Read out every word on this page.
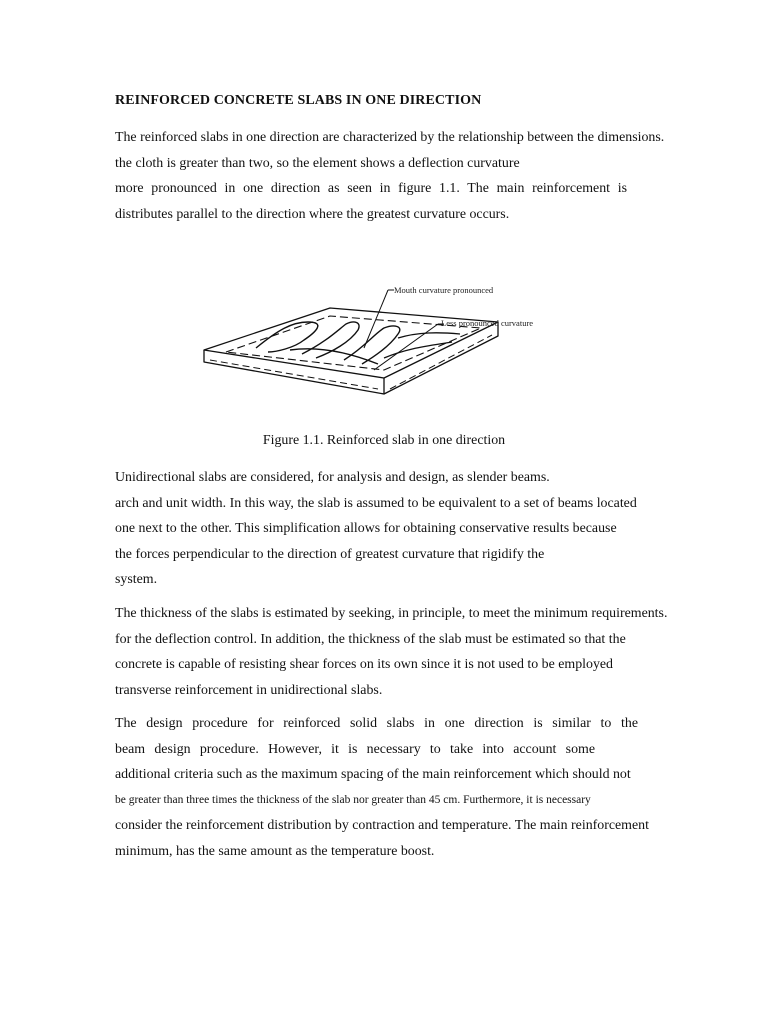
REINFORCED CONCRETE SLABS IN ONE DIRECTION
The reinforced slabs in one direction are characterized by the relationship between the dimensions.
the cloth is greater than two, so the element shows a deflection curvature
more pronounced in one direction as seen in figure 1.1. The main reinforcement is
distributes parallel to the direction where the greatest curvature occurs.
Mouth curvature pronounced
Less pronounced curvature
Figure 1.1. Reinforced slab in one direction
Unidirectional slabs are considered, for analysis and design, as slender beams.
arch and unit width. In this way, the slab is assumed to be equivalent to a set of beams located
one next to the other. This simplification allows for obtaining conservative results because
the forces perpendicular to the direction of greatest curvature that rigidify the
system.
The thickness of the slabs is estimated by seeking, in principle, to meet the minimum requirements.
for the deflection control. In addition, the thickness of the slab must be estimated so that the
concrete is capable of resisting shear forces on its own since it is not used to be employed
transverse reinforcement in unidirectional slabs.
The design procedure for reinforced solid slabs in one direction is similar to the
beam design procedure. However, it is necessary to take into account some
additional criteria such as the maximum spacing of the main reinforcement which should not
be greater than three times the thickness of the slab nor greater than 45 cm. Furthermore, it is necessary
consider the reinforcement distribution by contraction and temperature. The main reinforcement
minimum, has the same amount as the temperature boost.
